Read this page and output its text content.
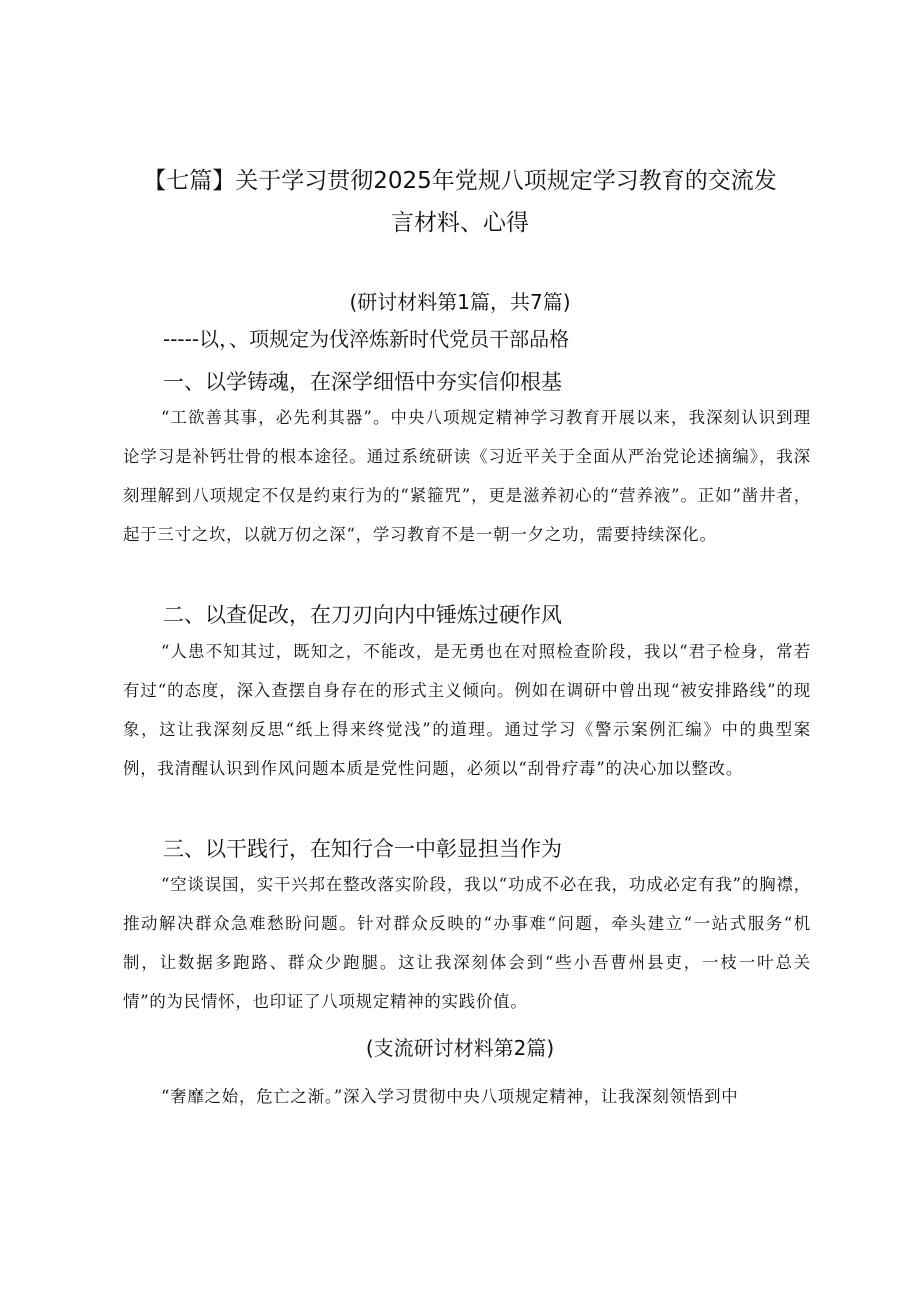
【七篇】关于学习贯彻2025年党规八项规定学习教育的交流发
言材料、心得
(研讨材料第1篇，共7篇)
-----以，、项规定为伐淬炼新时代党员干部品格
一、以学铸魂，在深学细悟中夯实信仰根基
“工欲善其事，必先利其器”。中央八项规定精神学习教育开展以来，我深刻认识到理论学习是补钙壮骨的根本途径。通过系统研读《习近平关于全面从严治党论述摘编》，我深刻理解到八项规定不仅是约束行为的“紧箍咒”，更是滋养初心的“营养液”。正如”凿井者，起于三寸之坎，以就万仞之深“，学习教育不是一朝一夕之功，需要持续深化。
二、以查促改，在刀刃向内中锤炼过硬作风
“人患不知其过，既知之，不能改，是无勇也在对照检查阶段，我以“君子检身，常若有过“的态度，深入查摆自身存在的形式主义倾向。例如在调研中曾出现“被安排路线”的现象，这让我深刻反思“纸上得来终觉浅”的道理。通过学习《警示案例汇编》中的典型案例，我清醒认识到作风问题本质是党性问题，必须以“刮骨疗毒”的决心加以整改。
三、以干践行，在知行合一中彰显担当作为
“空谈误国，实干兴邦在整改落实阶段，我以“功成不必在我，功成必定有我”的胸襟，推动解决群众急难愁盼问题。针对群众反映的“办事难“问题，牵头建立“一站式服务“机制，让数据多跑路、群众少跑腿。这让我深刻体会到“些小吾曹州县吏，一枝一叶总关情”的为民情怀，也印证了八项规定精神的实践价值。
(支流研讨材料第2篇)
“奢靡之始，危亡之渐。”深入学习贯彻中央八项规定精神，让我深刻领悟到中
